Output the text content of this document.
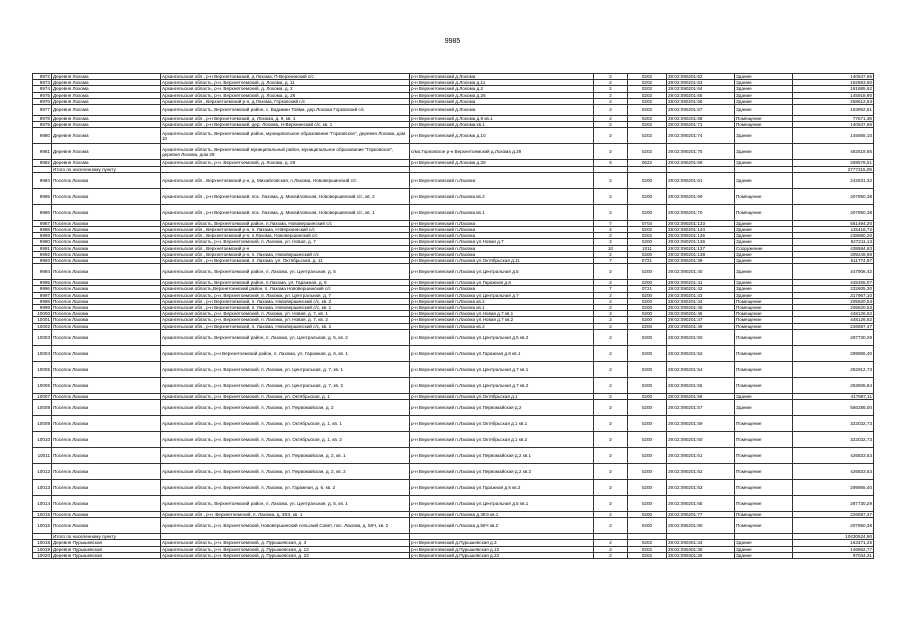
9985
9972	Деревня Лохома	Архангельская обл., р-н Верхнетоемский, д Лохома, П-Верхнинский с/с	р-н Верхнетоемский д.Лохома	2	0202	29:02:090201:62	Здание	140547,66
9973	Деревня Лохома	Архангельская область, р-н. Верхнетоемский, д. Лохома, д. 11	р-н Верхнетоемский д.Лохома д.11	2	0202	29:02:090201:63	Здание	192863,60
9974	Деревня Лохома	Архангельская область, р-н. Верхнетоемский, д. Лохома, д. 2	р-н Верхнетоемский д.Лохома д.2	2	0202	29:02:090201:64	Здание	181885,62
9975	Деревня Лохома	Архангельская область, р-н. Верхнетоемский, д. Лохома, д. 26	р-н Верхнетоемский д.Лохома д.26	2	0202	29:02:090201:65	Здание	145918,90
9976	Деревня Лохома	Архангельская обл., Верхнетоемский р-н, д.Лохома, Горковский с/с	р-н Верхнетоемский д.Лохома	2	0202	29:02:090201:66	Здание	258612,63
9977	Деревня Лохома	Архангельская область, Верхнетоемский район, с. Вадимин Тойма, дер.Лохома Горковский с/с	р-н Верхнетоемский д.Лохома	2	0202	29:02:090201:67	Здание	183952,61
9978	Деревня Лохома	Архангельская обл., р-н Верхнетоемский, д. Лохома, д. 9, кв. 1	р-н Верхнетоемский д.Лохома д.9 кв.1	2	0202	29:02:090201:68	Помещение	77671,38
9979	Деревня Лохома	Архангельская обл., р-н Верхнетоемский, дер. Лохома, Н-Верхнинский с/с, кв. 1	р-н Верхнетоемский д.Лохома кв.1	2	0202	29:02:090201:71	Помещение	140547,66
9980	Деревня Лохома	Архангельская область, Верхнетоемский район, муниципальное образование "Горковское", деревня Лохома, дом 10	р-н Верхнетоемский д.Лохома д.10	2	0202	29:02:090201:74	Здание	145665,10
9981	Деревня Лохома	Архангельская область, Верхнетоемский муниципальный район, муниципальное образование "Горковское", деревня Лохома, дом 29	с/мо.Горковское р-н Верхнетоемский д.Лохома д.29	2	0202	29:02:090201:75	Здание	482518,65
9982	Деревня Лохома	Архангельская область, р-н. Верхнетоемский, д. Лохома, д. 28	р-н Верхнетоемский д.Лохома д.28	6	0622	29:02:090201:59	Здание	269578,51
	Итого по населенному пункту							2777315,09
9984	Поселок Лахома	Архангельская обл., Верхнетоемский р-н, д. Михайловская, п.Лахома, Нововершинский с/с	р-н Верхнетоемский п.Лахома	2	0200	29:02:090201:61	Здание	242831,32
9985	Поселок Лахома	Архангельская обл., р-н Верхнетоемский, пос. Лахома, д. Михайловская, Нововершинский с/с, кв. 2	р-н Верхнетоемский п.Лахома кв.2	2	0200	29:02:090201:69	Помещение	207950,38
9986	Поселок Лахома	Архангельская обл., р-н Верхнетоемский, пос. Лахома, д. Михайловская, Нововершинский с/с, кв. 1	р-н Верхнетоемский п.Лахома кв.1	2	0200	29:02:090201:70	Помещение	207950,38
9987	Поселок Лахома	Архангельская область, Верхнетоемский район, п.Лахома, Нововершинский с/с	р-н Верхнетоемский п.Лахома	7	0704	29:02:090201:133	Здание	561494,20
9988	Поселок Лахома	Архангельская обл., Верхнетоемский р-н, п. Лахома, Н-Верхнинский с/с	р-н Верхнетоемский п.Лахома	2	0202	29:02:090201:134	Здание	115416,72
9989	Поселок Лахома	Архангельская обл., Верхнетоемский р-н, п.Лахома, Нововершинский с/с	р-н Верхнетоемский п.Лахома	2	0202	29:02:090201:135	Здание	238680,20
9990	Поселок Лахома	Архангельская область, р-н. Верхнетоемский, п. Лахома, ул. Новая, д. 7	р-н Верхнетоемский п.Лахома ул.Новая д.7	2	0200	29:02:090201:136	Здание	527211,13
9991	Поселок Лахома	Архангельская обл., Верхнетоемский р-н	р-н Верхнетоемский п.Лахома	10	1011	29:02:090201:137	Сооружение	438584,83
9992	Поселок Лахома	Архангельская обл., Верхнетоемский р-н, п. Лахома, Нововершинский с/с	р-н Верхнетоемский п.Лахома	2	0200	29:02:090201:138	Здание	309249,98
9993	Поселок Лахома	Архангельская обл., р-н Верхнетоемский, п. Лахома, ул. Октябрьская, д. 11	р-н Верхнетоемский п.Лахома ул.Октябрьская д.11	7	0721	29:02:090201:39	Здание	511774,97
9994	Поселок Лахома	Архангельская область, Верхнетоемский район, п. Лахома, ул. Центральная, д. 5	р-н Верхнетоемский п.Лахома ул.Центральная д.5	2	0200	29:02:090201:40	Здание	447906,42
9995	Поселок Лахома	Архангельская область, Верхнетоемский район, п.Лахома, ул. Гаражная, д. 6	р-н Верхнетоемский п.Лахома ул.Гаражная д.6	2	0200	29:02:090201:41	Здание	445455,07
9996	Поселок Лахома	Архангельская область,Верхнетоемский район, п. Лахома Нововершинский с/с	р-н Верхнетоемский п.Лахома	7	0721	29:02:090201:42	Здание	232605,30
9997	Поселок Лахома	Архангельская область, р-н. Верхнетоемский, п. Лахома, ул. Центральная, д. 7	р-н Верхнетоемский п.Лахома ул.Центральная д.7	2	0200	29:02:090201:43	Здание	317967,10
9998	Поселок Лахома	Архангельская обл., р-н Верхнетоемский, п. Лахома, Нововершинский с/с, кв. 2	р-н Верхнетоемский п.Лахома кв.2	2	0200	29:02:090201:44	Помещение	205620,53
9999	Поселок Лахома	Архангельская обл., р-н Верхнетоемский, п. Лахома, Нововершинский с/с, кв. 1	р-н Верхнетоемский п.Лахома кв.1	2	0200	29:02:090201:45	Помещение	205620,53
10000	Поселок Лахома	Архангельская область, р-н. Верхнетоемский, п. Лахома, ул. Новая, д. 7, кв. 1	р-н Верхнетоемский п.Лахома ул.Новая д.7 кв.1	2	0200	29:02:090201:46	Помещение	448126,62
10001	Поселок Лахома	Архангельская область, р-н. Верхнетоемский, п. Лахома, ул. Новая, д. 7, кв. 2	р-н Верхнетоемский п.Лахома ул.Новая д.7 кв.2	2	0200	29:02:090201:47	Помещение	448126,62
10002	Поселок Лахома	Архангельская обл., р-н Верхнетоемский, п. Лахома, Нововершинский с/с, кв. 2	р-н Верхнетоемский п.Лахома кв.2	2	0200	29:02:090201:49	Помещение	226687,47
10003	Поселок Лахома	Архангельская область, Верхнетоемский район, п. Лахома, ул. Центральная, д. 5, кв. 2	р-н Верхнетоемский п.Лахома ул.Центральная д.5 кв.2	2	0200	29:02:090201:50	Помещение	287730,29
10004	Поселок Лахома	Архангельская область, р-н Верхнетоемский район, п. Лахома, ул. Гаражная, д. 6, кв. 1	р-н Верхнетоемский п.Лахома ул.Гаражная д.6 кв.1	2	0200	29:02:090201:52	Помещение	299955,40
10005	Поселок Лахома	Архангельская область, р-н. Верхнетоемский, п. Лахома, ул. Центральная, д. 7, кв. 1	р-н Верхнетоемский п.Лахома ул.Центральная д.7 кв.1	2	0200	29:02:090201:54	Помещение	252912,73
10006	Поселок Лахома	Архангельская область, р-н. Верхнетоемский, п. Лахома, ул. Центральная, д. 7, кв. 2	р-н Верхнетоемский п.Лахома ул.Центральная д.7 кв.2	2	0200	29:02:090201:55	Помещение	263605,84
10007	Поселок Лахома	Архангельская область, р-н. Верхнетоемский, п. Лахома, ул. Октябрьская, д. 1	р-н Верхнетоемский п.Лахома ул.Октябрьская д.1	2	0200	29:02:090201:56	Здание	417987,11
10008	Поселок Лахома	Архангельская область, р-н. Верхнетоемский, п. Лахома, ул. Первомайская, д. 2	р-н Верхнетоемский п.Лахома ул.Первомайская д.2	2	0200	29:02:090201:57	Здание	556286,00
10009	Поселок Лахома	Архангельская область, р-н. Верхнетоемский, п. Лахома, ул. Октябрьская, д. 1, кв. 1	р-н Верхнетоемский п.Лахома ул.Октябрьская д.1 кв.1	2	0200	29:02:090201:59	Помещение	322032,73
10010	Поселок Лахома	Архангельская область, р-н. Верхнетоемский, п. Лахома, ул. Октябрьская, д. 1, кв. 2	р-н Верхнетоемский п.Лахома ул.Октябрьская д.1 кв.2	2	0200	29:02:090201:60	Помещение	322032,73
10011	Поселок Лахома	Архангельская область, р-н. Верхнетоемский, п. Лахома, ул. Первомайская, д. 2, кв. 1	р-н Верхнетоемский п.Лахома ул.Первомайская д.2 кв.1	2	0200	29:02:090201:61	Помещение	426833,53
10012	Поселок Лахома	Архангельская область, р-н. Верхнетоемский, п. Лахома, ул. Первомайская, д. 2, кв. 2	р-н Верхнетоемский п.Лахома ул.Первомайская д.2 кв.2	2	0200	29:02:090201:62	Помещение	426833,53
10013	Поселок Лахома	Архангельская область, р-н. Верхнетоемский, п. Лахома, ул. Гаражная, д. 6, кв. 2	р-н Верхнетоемский п.Лахома ул.Гаражная д.6 кв.2	2	0200	29:02:090201:63	Помещение	299955,40
10014	Поселок Лахома	Архангельская область, Верхнетоемский район, п. Лахома, ул. Центральная, д. 5, кв. 1	р-н Верхнетоемский п.Лахома ул.Центральная д.5 кв.1	2	0200	29:02:090201:65	Помещение	287730,29
10015	Поселок Лахома	Архангельская обл., р-н. Верхнетоемский, п. Лахома, д. 39Э, кв. 1	р-н Верхнетоемский п.Лахома д.39Э кв.1	2	0200	29:02:090201:77	Помещение	226687,47
10016	Поселок Лахома	Архангельская область, р-н. Верхнетоемский, Нововершинский сельский Совет, пос. Лахома, д. 56Ч, кв. 2	р-н Верхнетоемский п.Лахома д.56Ч кв.2	2	0200	29:02:090201:80	Помещение	207950,38
	Итого по населенному пункту							10430524,90
10018	Деревня Пурышевская	Архангельская область, р-н. Верхнетоемский, д. Пурышевская, д. 3	р-н Верхнетоемский д.Пурышевская д.3	2	0202	29:02:090401:34	Здание	163471,25
10019	Деревня Пурышевская	Архангельская область, р-н. Верхнетоемский, д. Пурышевская, д. 13	р-н Верхнетоемский д.Пурышевская д.13	2	0202	29:02:090401:35	Здание	146662,77
10020	Деревня Пурышевская	Архангельская область, р-н. Верхнетоемский, д. Пурышевская, д. 23	р-н Верхнетоемский д.Пурышевская д.23	2	0202	29:02:090401:36	Здание	97034,31
